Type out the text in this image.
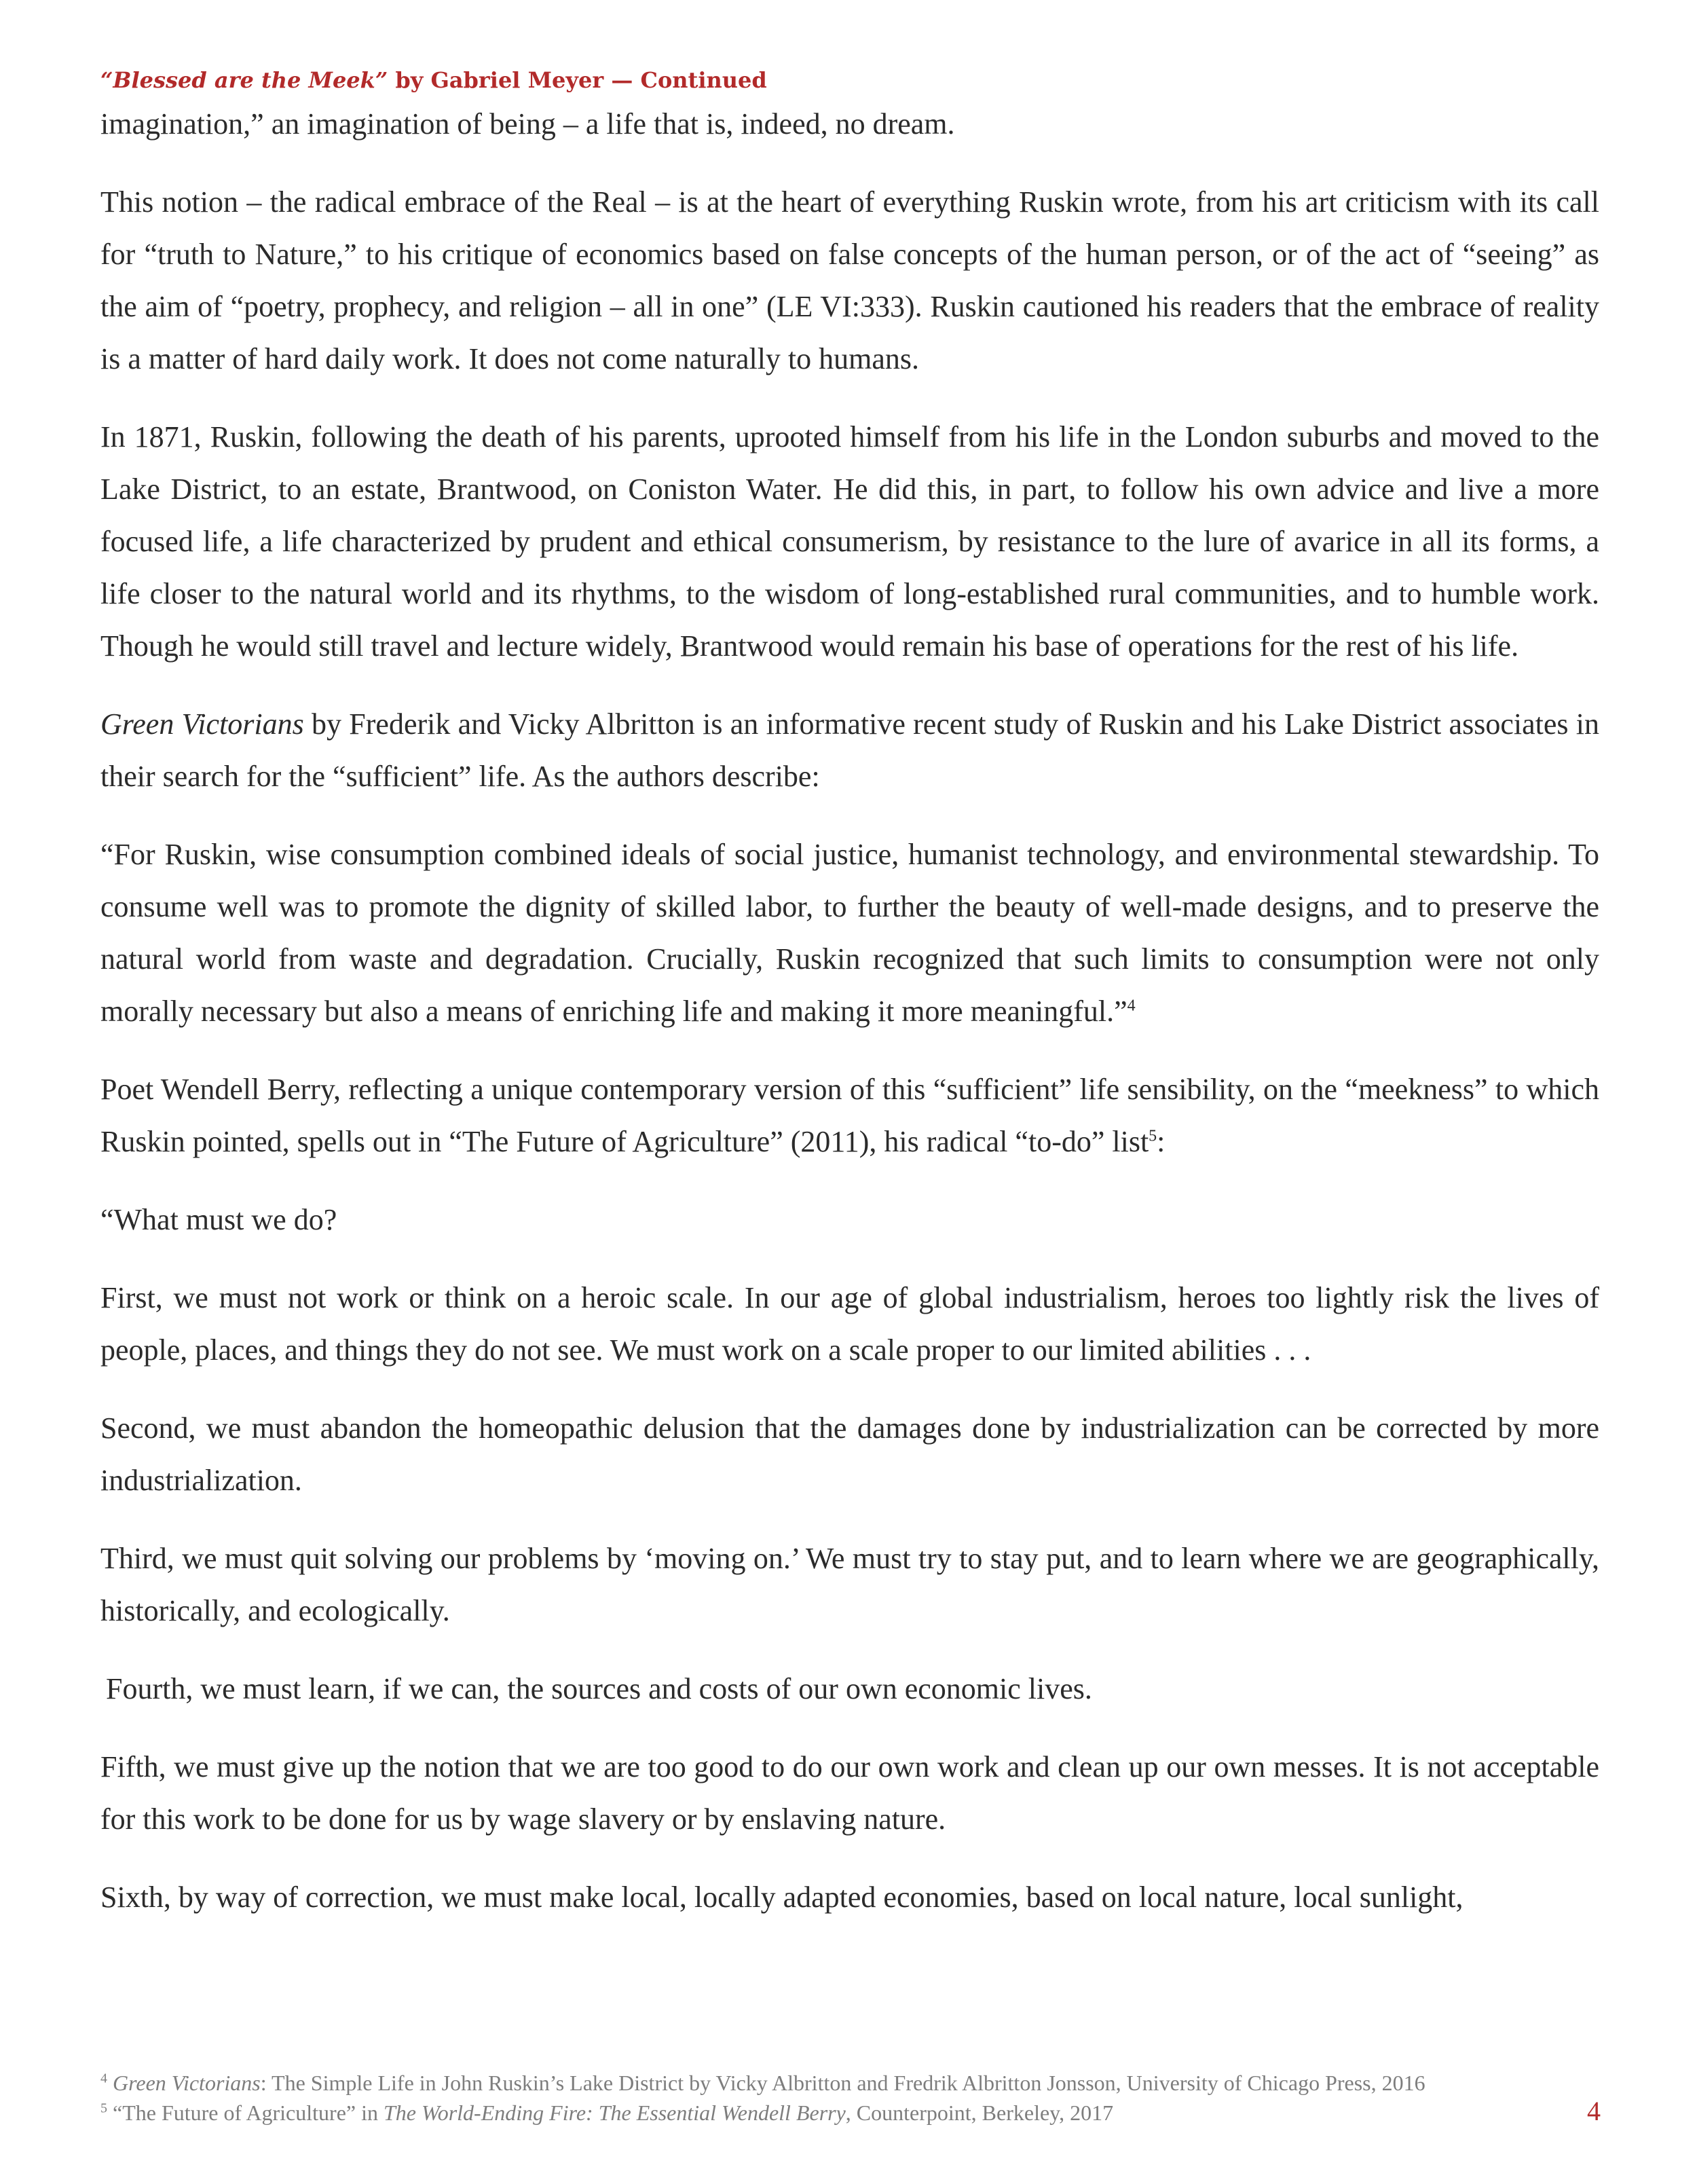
“Blessed are the Meek” by Gabriel Meyer — Continued

imagination,” an imagination of being – a life that is, indeed, no dream.

This notion – the radical embrace of the Real – is at the heart of everything Ruskin wrote, from his art criticism with its call for “truth to Nature,” to his critique of economics based on false concepts of the human person, or of the act of “seeing” as the aim of “poetry, prophecy, and religion – all in one” (LE VI:333). Ruskin cautioned his readers that the embrace of reality is a matter of hard daily work. It does not come naturally to humans.

In 1871, Ruskin, following the death of his parents, uprooted himself from his life in the London suburbs and moved to the Lake District, to an estate, Brantwood, on Coniston Water. He did this, in part, to follow his own advice and live a more focused life, a life characterized by prudent and ethical consumerism, by resistance to the lure of avarice in all its forms, a life closer to the natural world and its rhythms, to the wisdom of long-established rural communities, and to humble work. Though he would still travel and lecture widely, Brantwood would remain his base of operations for the rest of his life.

Green Victorians by Frederik and Vicky Albritton is an informative recent study of Ruskin and his Lake District associates in their search for the “sufficient” life. As the authors describe:

“For Ruskin, wise consumption combined ideals of social justice, humanist technology, and environmental stewardship. To consume well was to promote the dignity of skilled labor, to further the beauty of well-made designs, and to preserve the natural world from waste and degradation. Crucially, Ruskin recognized that such limits to consumption were not only morally necessary but also a means of enriching life and making it more meaningful.”$^4$

Poet Wendell Berry, reflecting a unique contemporary version of this “sufficient” life sensibility, on the “meekness” to which Ruskin pointed, spells out in “The Future of Agriculture” (2011), his radical “to-do” list$^5$:

“What must we do?

First, we must not work or think on a heroic scale. In our age of global industrialism, heroes too lightly risk the lives of people, places, and things they do not see. We must work on a scale proper to our limited abilities . . .

Second, we must abandon the homeopathic delusion that the damages done by industrialization can be corrected by more industrialization.

Third, we must quit solving our problems by ‘moving on.’ We must try to stay put, and to learn where we are geographically, historically, and ecologically.

Fourth, we must learn, if we can, the sources and costs of our own economic lives.

Fifth, we must give up the notion that we are too good to do our own work and clean up our own messes. It is not acceptable for this work to be done for us by wage slavery or by enslaving nature.

Sixth, by way of correction, we must make local, locally adapted economies, based on local nature, local sunlight,

$^4$ Green Victorians: The Simple Life in John Ruskin’s Lake District by Vicky Albritton and Fredrik Albritton Jonsson, University of Chicago Press, 2016

$^5$ “The Future of Agriculture” in The World-Ending Fire: The Essential Wendell Berry, Counterpoint, Berkeley, 2017	4
